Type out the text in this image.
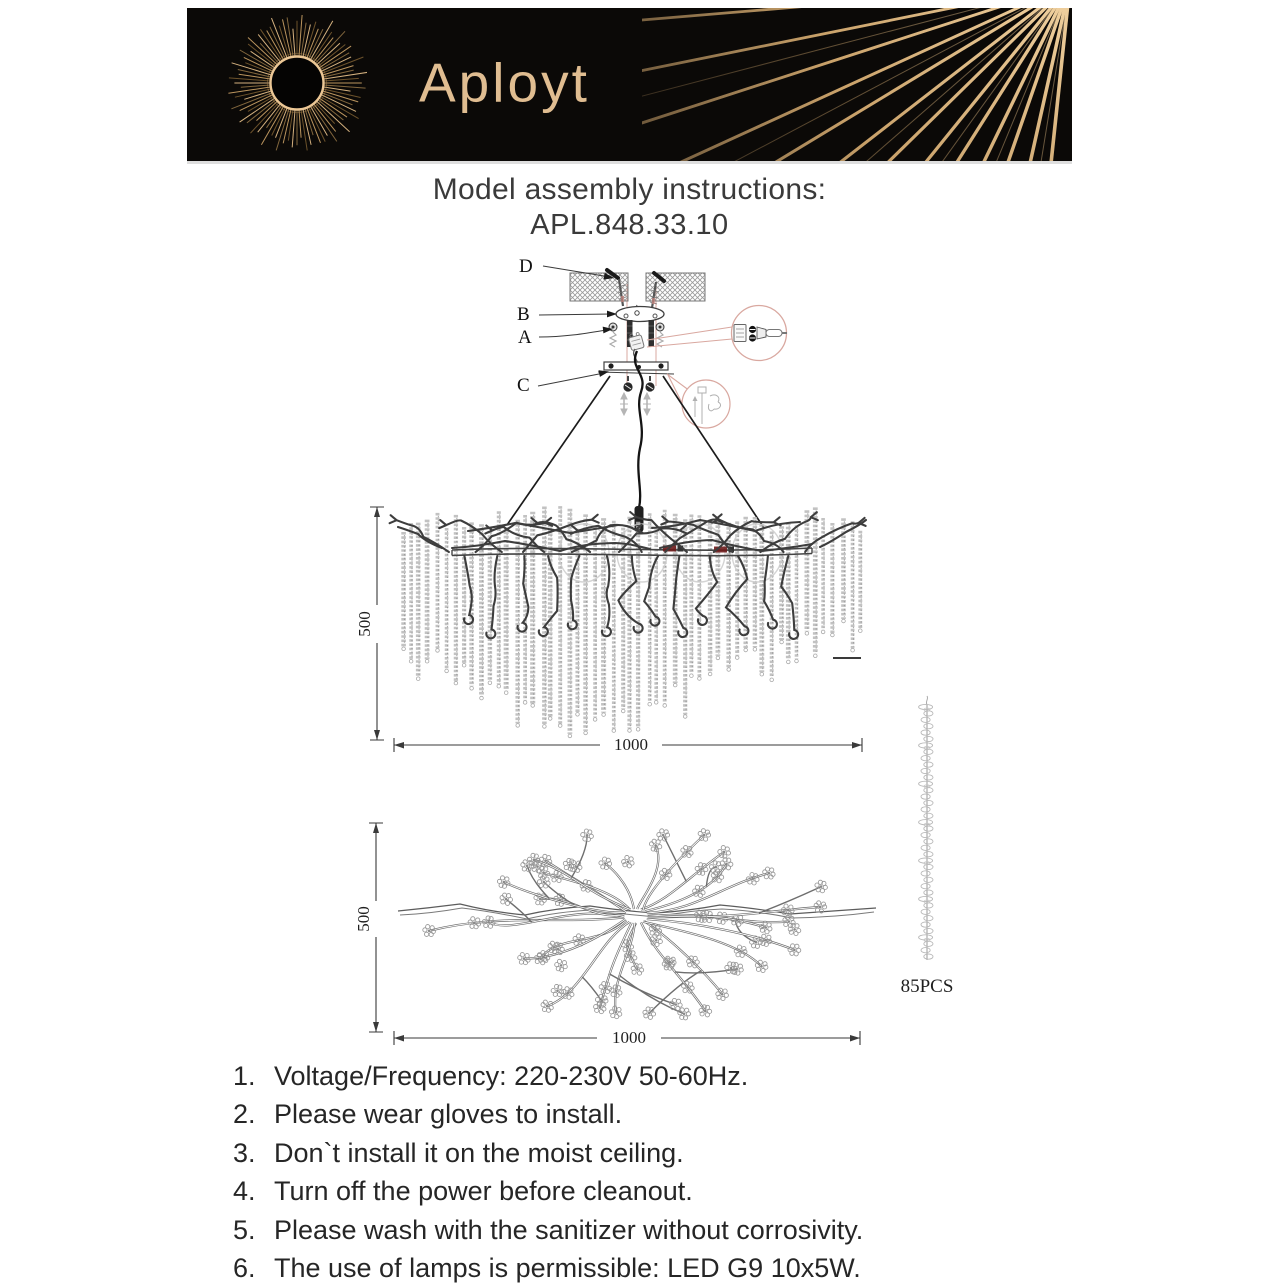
Aployt
Model assembly instructions:
APL.848.33.10
D
B
A
C
500
1000
500
1000
85PCS
1. Voltage/Frequency: 220-230V 50-60Hz.
2. Please wear gloves to install.
3. Don`t install it on the moist ceiling.
4. Turn off the power before cleanout.
5. Please wash with the sanitizer without corrosivity.
6. The use of lamps is permissible: LED G9 10x5W.
